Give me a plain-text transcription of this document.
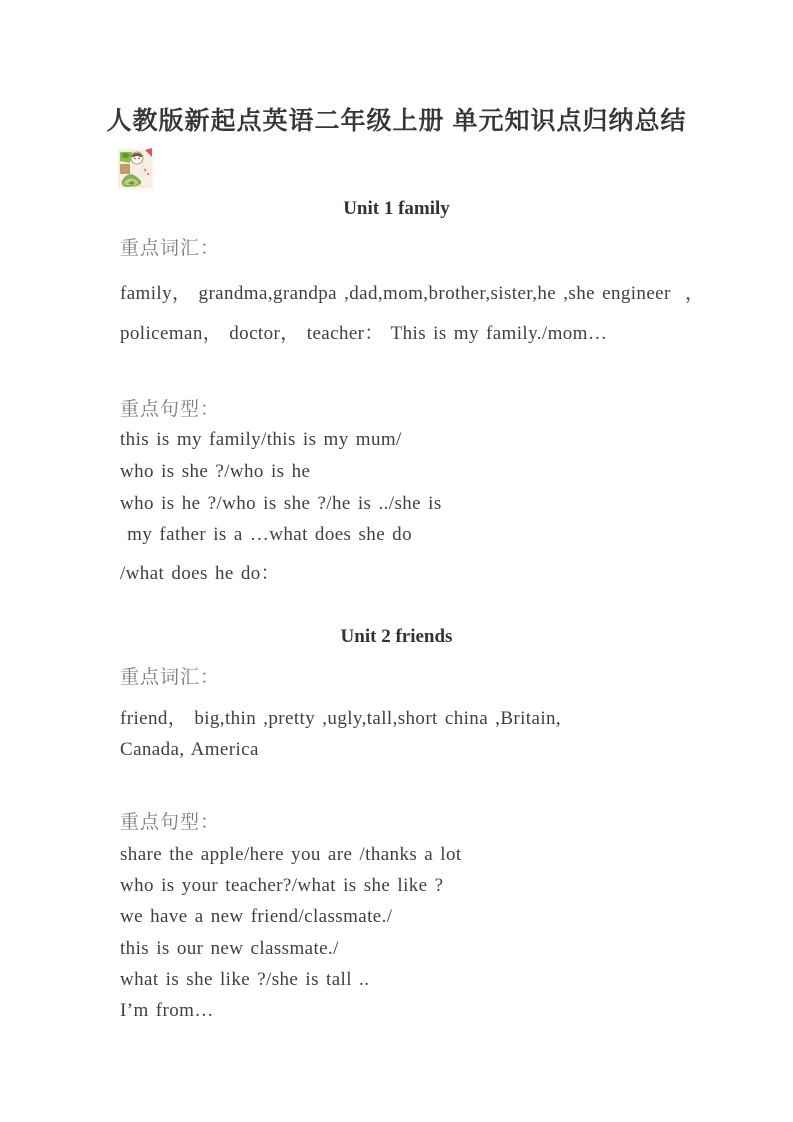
人教版新起点英语二年级上册 单元知识点归纳总结
Unit 1 family
重点词汇：
family， grandma,grandpa ,dad,mom,brother,sister,he ,she engineer  ，
policeman， doctor， teacher： This is my family./mom…
重点句型：
this is my family/this is my mum/
who is she ?/who is he
who is he ?/who is she ?/he is ../she is
my father is a …what does she do
/what does he do：
Unit 2 friends
重点词汇：
friend， big,thin ,pretty ,ugly,tall,short china ,Britain,
Canada, America
重点句型：
share the apple/here you are /thanks a lot
who is your teacher?/what is she like ?
we have a new friend/classmate./
this is our new classmate./
what is she like ?/she is tall ..
I’m from…
